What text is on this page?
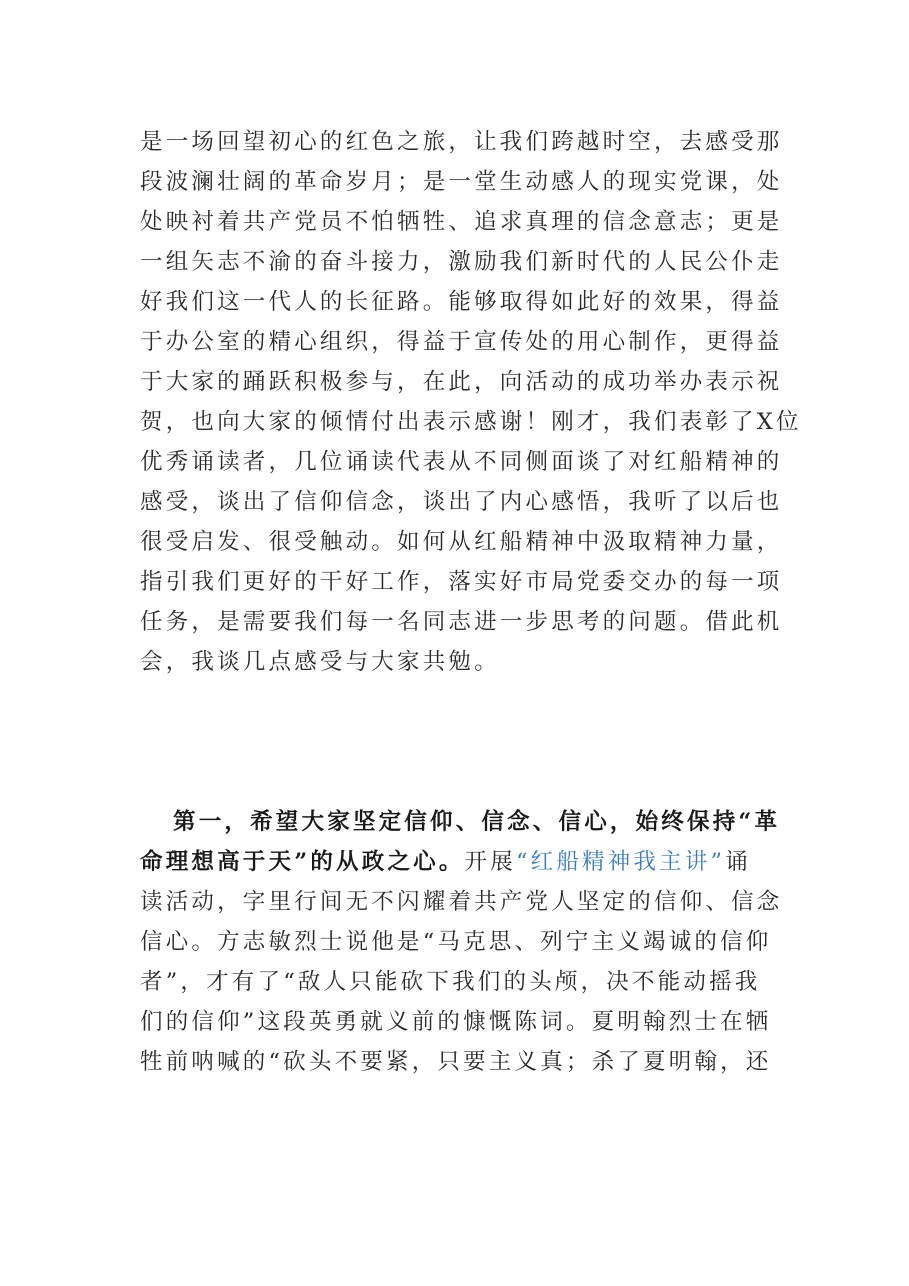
是一场回望初心的红色之旅，让我们跨越时空，去感受那
段波澜壮阔的革命岁月；是一堂生动感人的现实党课，处
处映衬着共产党员不怕牺牲、追求真理的信念意志；更是
一组矢志不渝的奋斗接力，激励我们新时代的人民公仆走
好我们这一代人的长征路。能够取得如此好的效果，得益
于办公室的精心组织，得益于宣传处的用心制作，更得益
于大家的踊跃积极参与，在此，向活动的成功举办表示祝
贺，也向大家的倾情付出表示感谢！刚才，我们表彰了X位
优秀诵读者，几位诵读代表从不同侧面谈了对红船精神的
感受，谈出了信仰信念，谈出了内心感悟，我听了以后也
很受启发、很受触动。如何从红船精神中汲取精神力量，
指引我们更好的干好工作，落实好市局党委交办的每一项
任务，是需要我们每一名同志进一步思考的问题。借此机
会，我谈几点感受与大家共勉。
第一，希望大家坚定信仰、信念、信心，始终保持“革
命理想高于天”的从政之心。开展“红船精神我主讲”诵
读活动，字里行间无不闪耀着共产党人坚定的信仰、信念
信心。方志敏烈士说他是“马克思、列宁主义竭诚的信仰
者”，才有了“敌人只能砍下我们的头颅，决不能动摇我
们的信仰”这段英勇就义前的慷慨陈词。夏明翰烈士在牺
牲前呐喊的“砍头不要紧，只要主义真；杀了夏明翰，还
